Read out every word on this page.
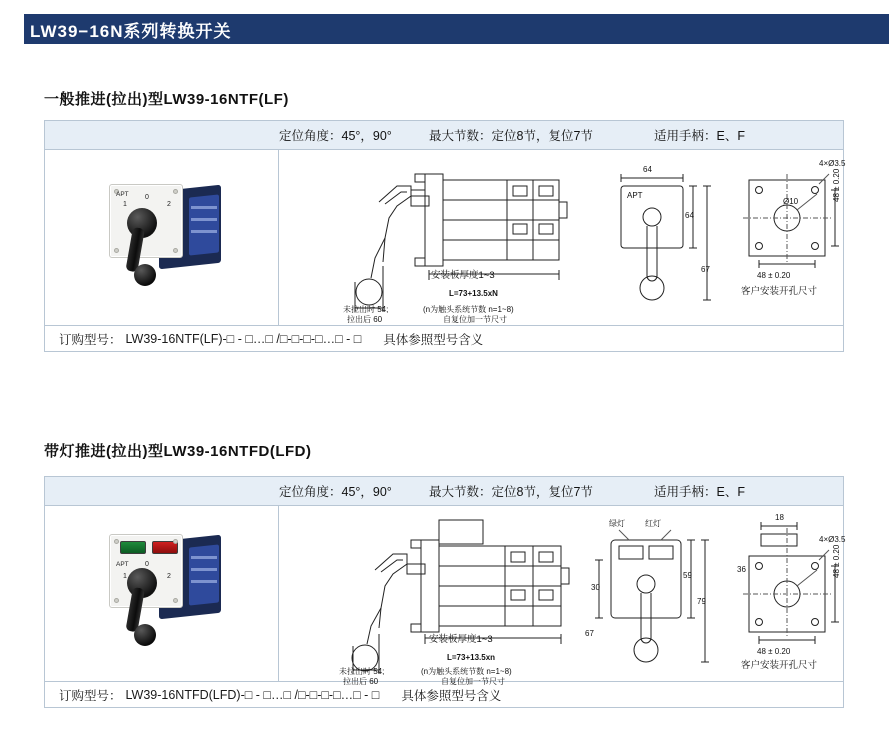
LW39−16N系列转换开关
一般推进(拉出)型LW39-16NTF(LF)
定位角度：45°，90°	最大节数：定位8节，复位7节	适用手柄：E、F
APT
1
0
2
安装板厚度1~3
L=73+13.5xN
(n为触头系统节数 n=1~8)
自复位加一节尺寸
未拉出时 54;
拉出后 60
64
64
67
APT
48 ± 0.20
48 ± 0.20
4×Ø3.5
Ø10
客户安装开孔尺寸
订购型号： LW39-16NTF(LF)-□ - □…□ /□-□-□-□…□ - □ 具体参照型号含义
带灯推进(拉出)型LW39-16NTFD(LFD)
定位角度：45°，90°	最大节数：定位8节，复位7节	适用手柄：E、F
APT
1
0
2
安装板厚度1~3
L=73+13.5xn
(n为触头系统节数 n=1~8)
自复位加一节尺寸
未拉出时 54;
拉出后 60
绿灯	红灯
59
79
30
67
48 ± 0.20
48 ± 0.20
4×Ø3.5
18
36
客户安装开孔尺寸
订购型号： LW39-16NTFD(LFD)-□ - □…□ /□-□-□-□…□ - □ 具体参照型号含义
